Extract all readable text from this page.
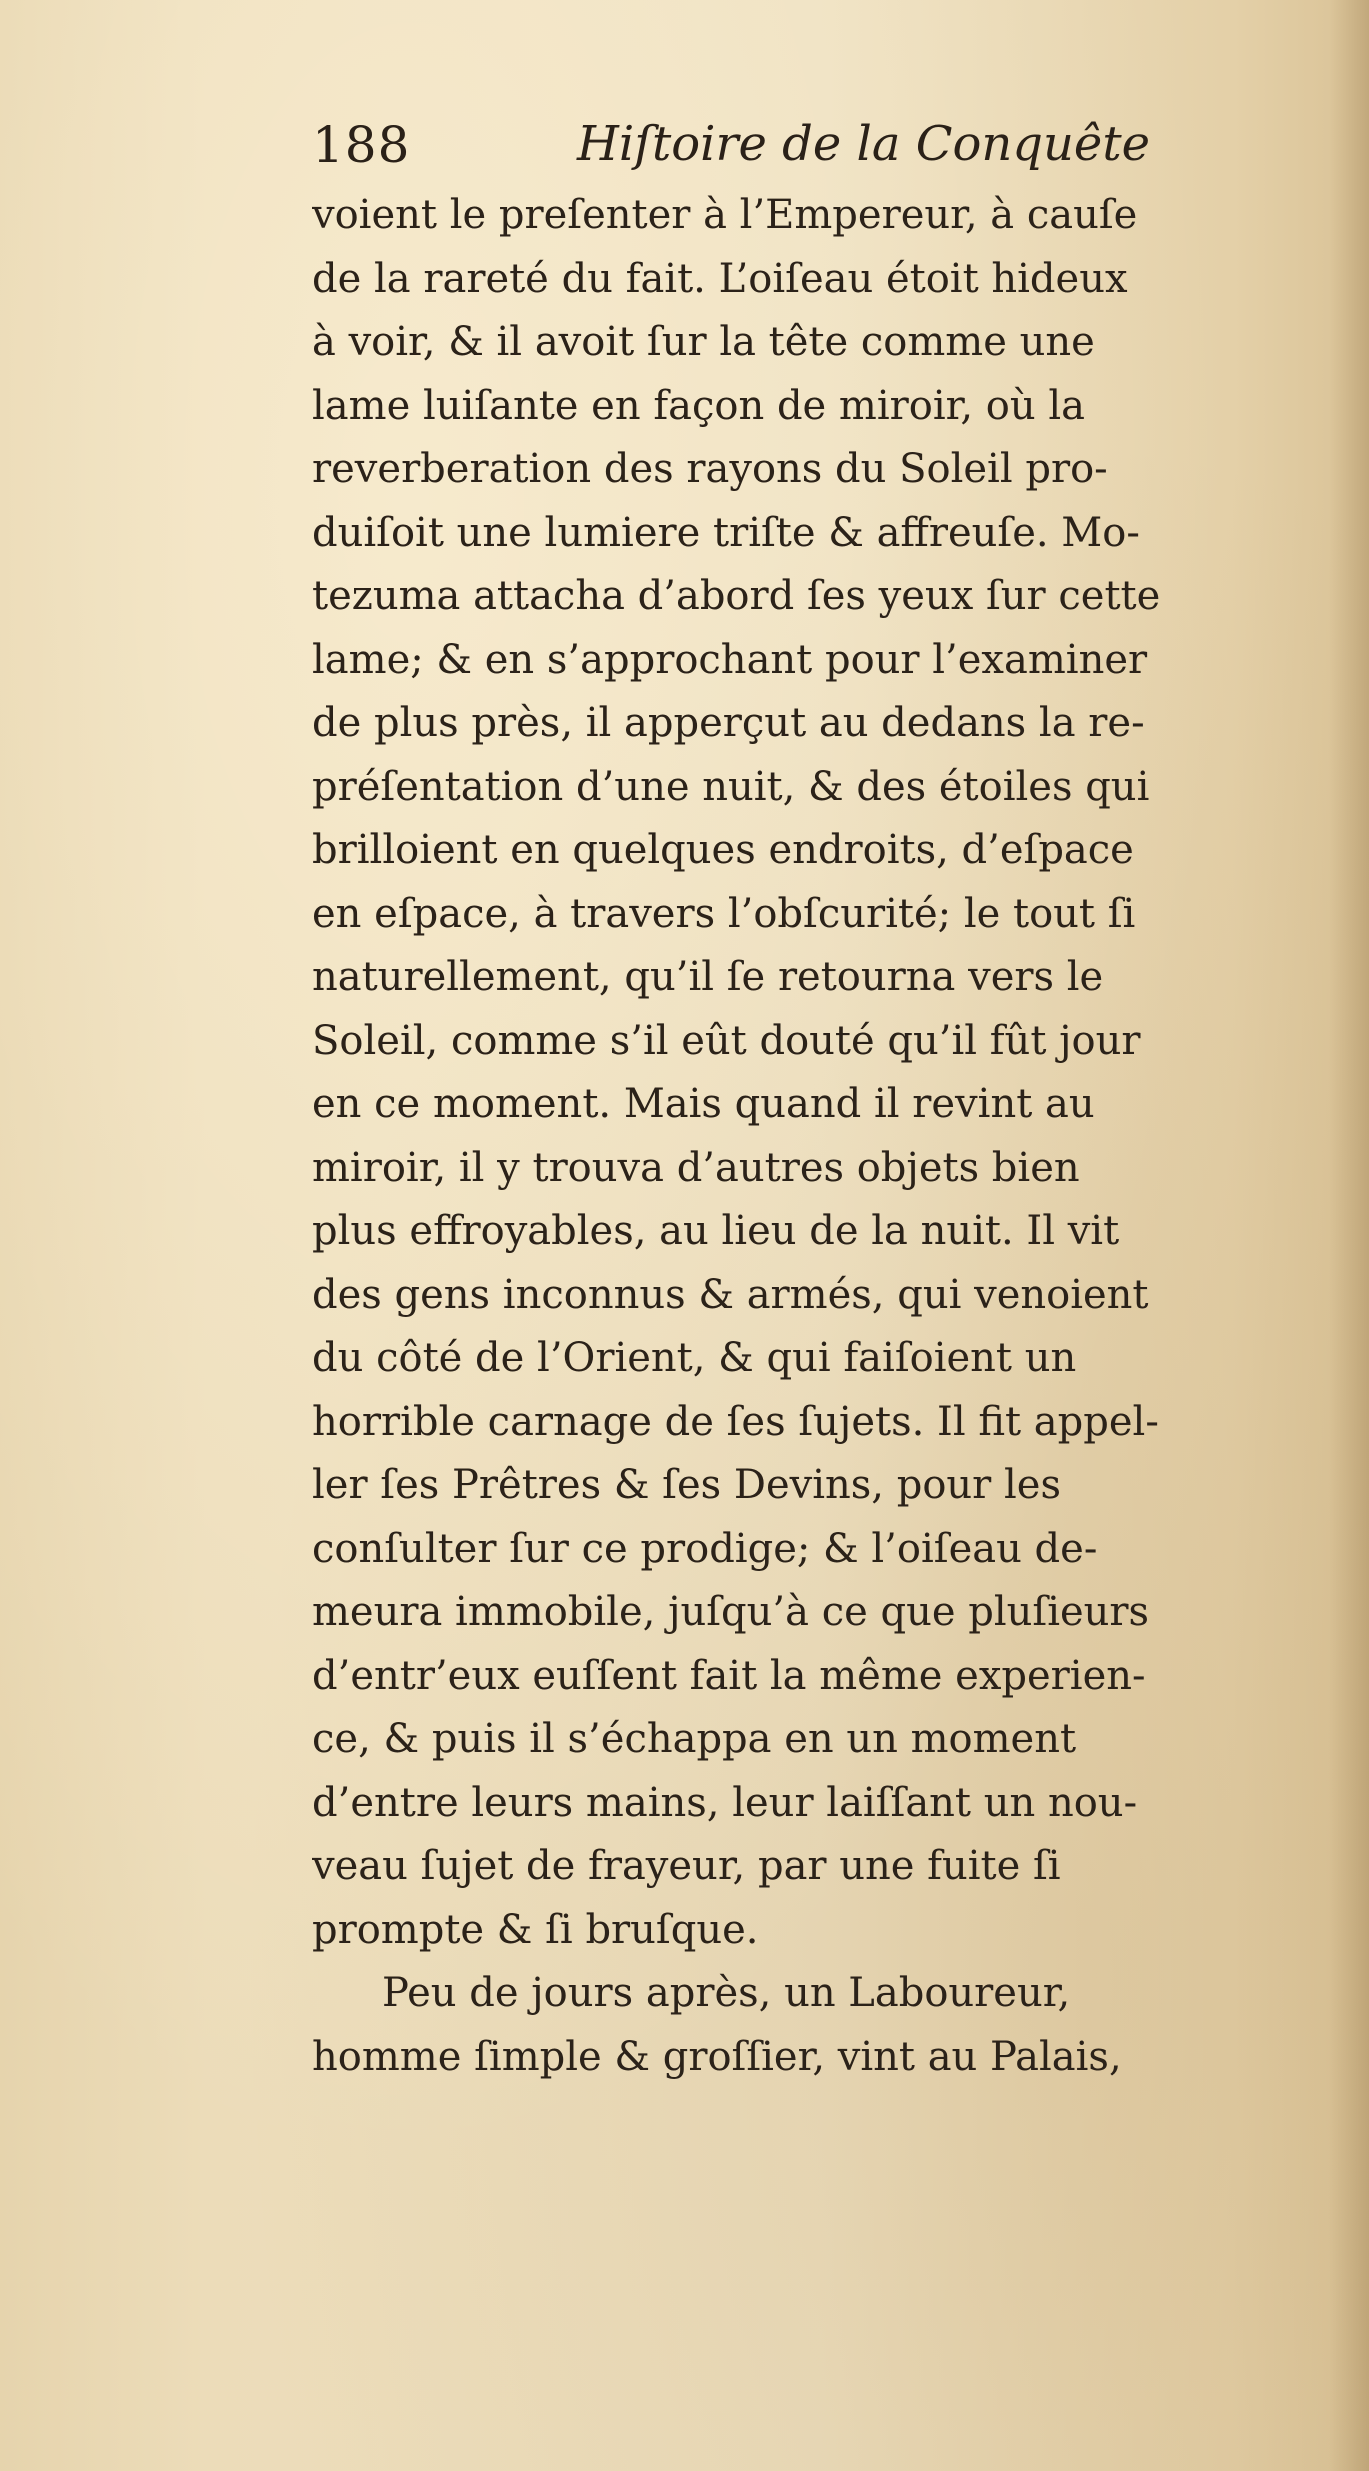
188	Hiſtoire de la Conquête
voient le preſenter à l’Empereur, à cauſe
de la rareté du fait. L’oiſeau étoit hideux
à voir, & il avoit ſur la tête comme une
lame luiſante en façon de miroir, où la
reverberation des rayons du Soleil pro-
duiſoit une lumiere triſte & affreuſe. Mo-
tezuma attacha d’abord ſes yeux ſur cette
lame; & en s’approchant pour l’examiner
de plus près, il apperçut au dedans la re-
préſentation d’une nuit, & des étoiles qui
brilloient en quelques endroits, d’eſpace
en eſpace, à travers l’obſcurité; le tout ſi
naturellement, qu’il ſe retourna vers le
Soleil, comme s’il eût douté qu’il fût jour
en ce moment. Mais quand il revint au
miroir, il y trouva d’autres objets bien
plus effroyables, au lieu de la nuit. Il vit
des gens inconnus & armés, qui venoient
du côté de l’Orient, & qui faiſoient un
horrible carnage de ſes ſujets. Il fit appel-
ler ſes Prêtres & ſes Devins, pour les
conſulter ſur ce prodige; & l’oiſeau de-
meura immobile, juſqu’à ce que pluſieurs
d’entr’eux euſſent fait la même experien-
ce, & puis il s’échappa en un moment
d’entre leurs mains, leur laiſſant un nou-
veau ſujet de frayeur, par une fuite ſi
prompte & ſi bruſque.
Peu de jours après, un Laboureur,
homme ſimple & groſſier, vint au Palais,
